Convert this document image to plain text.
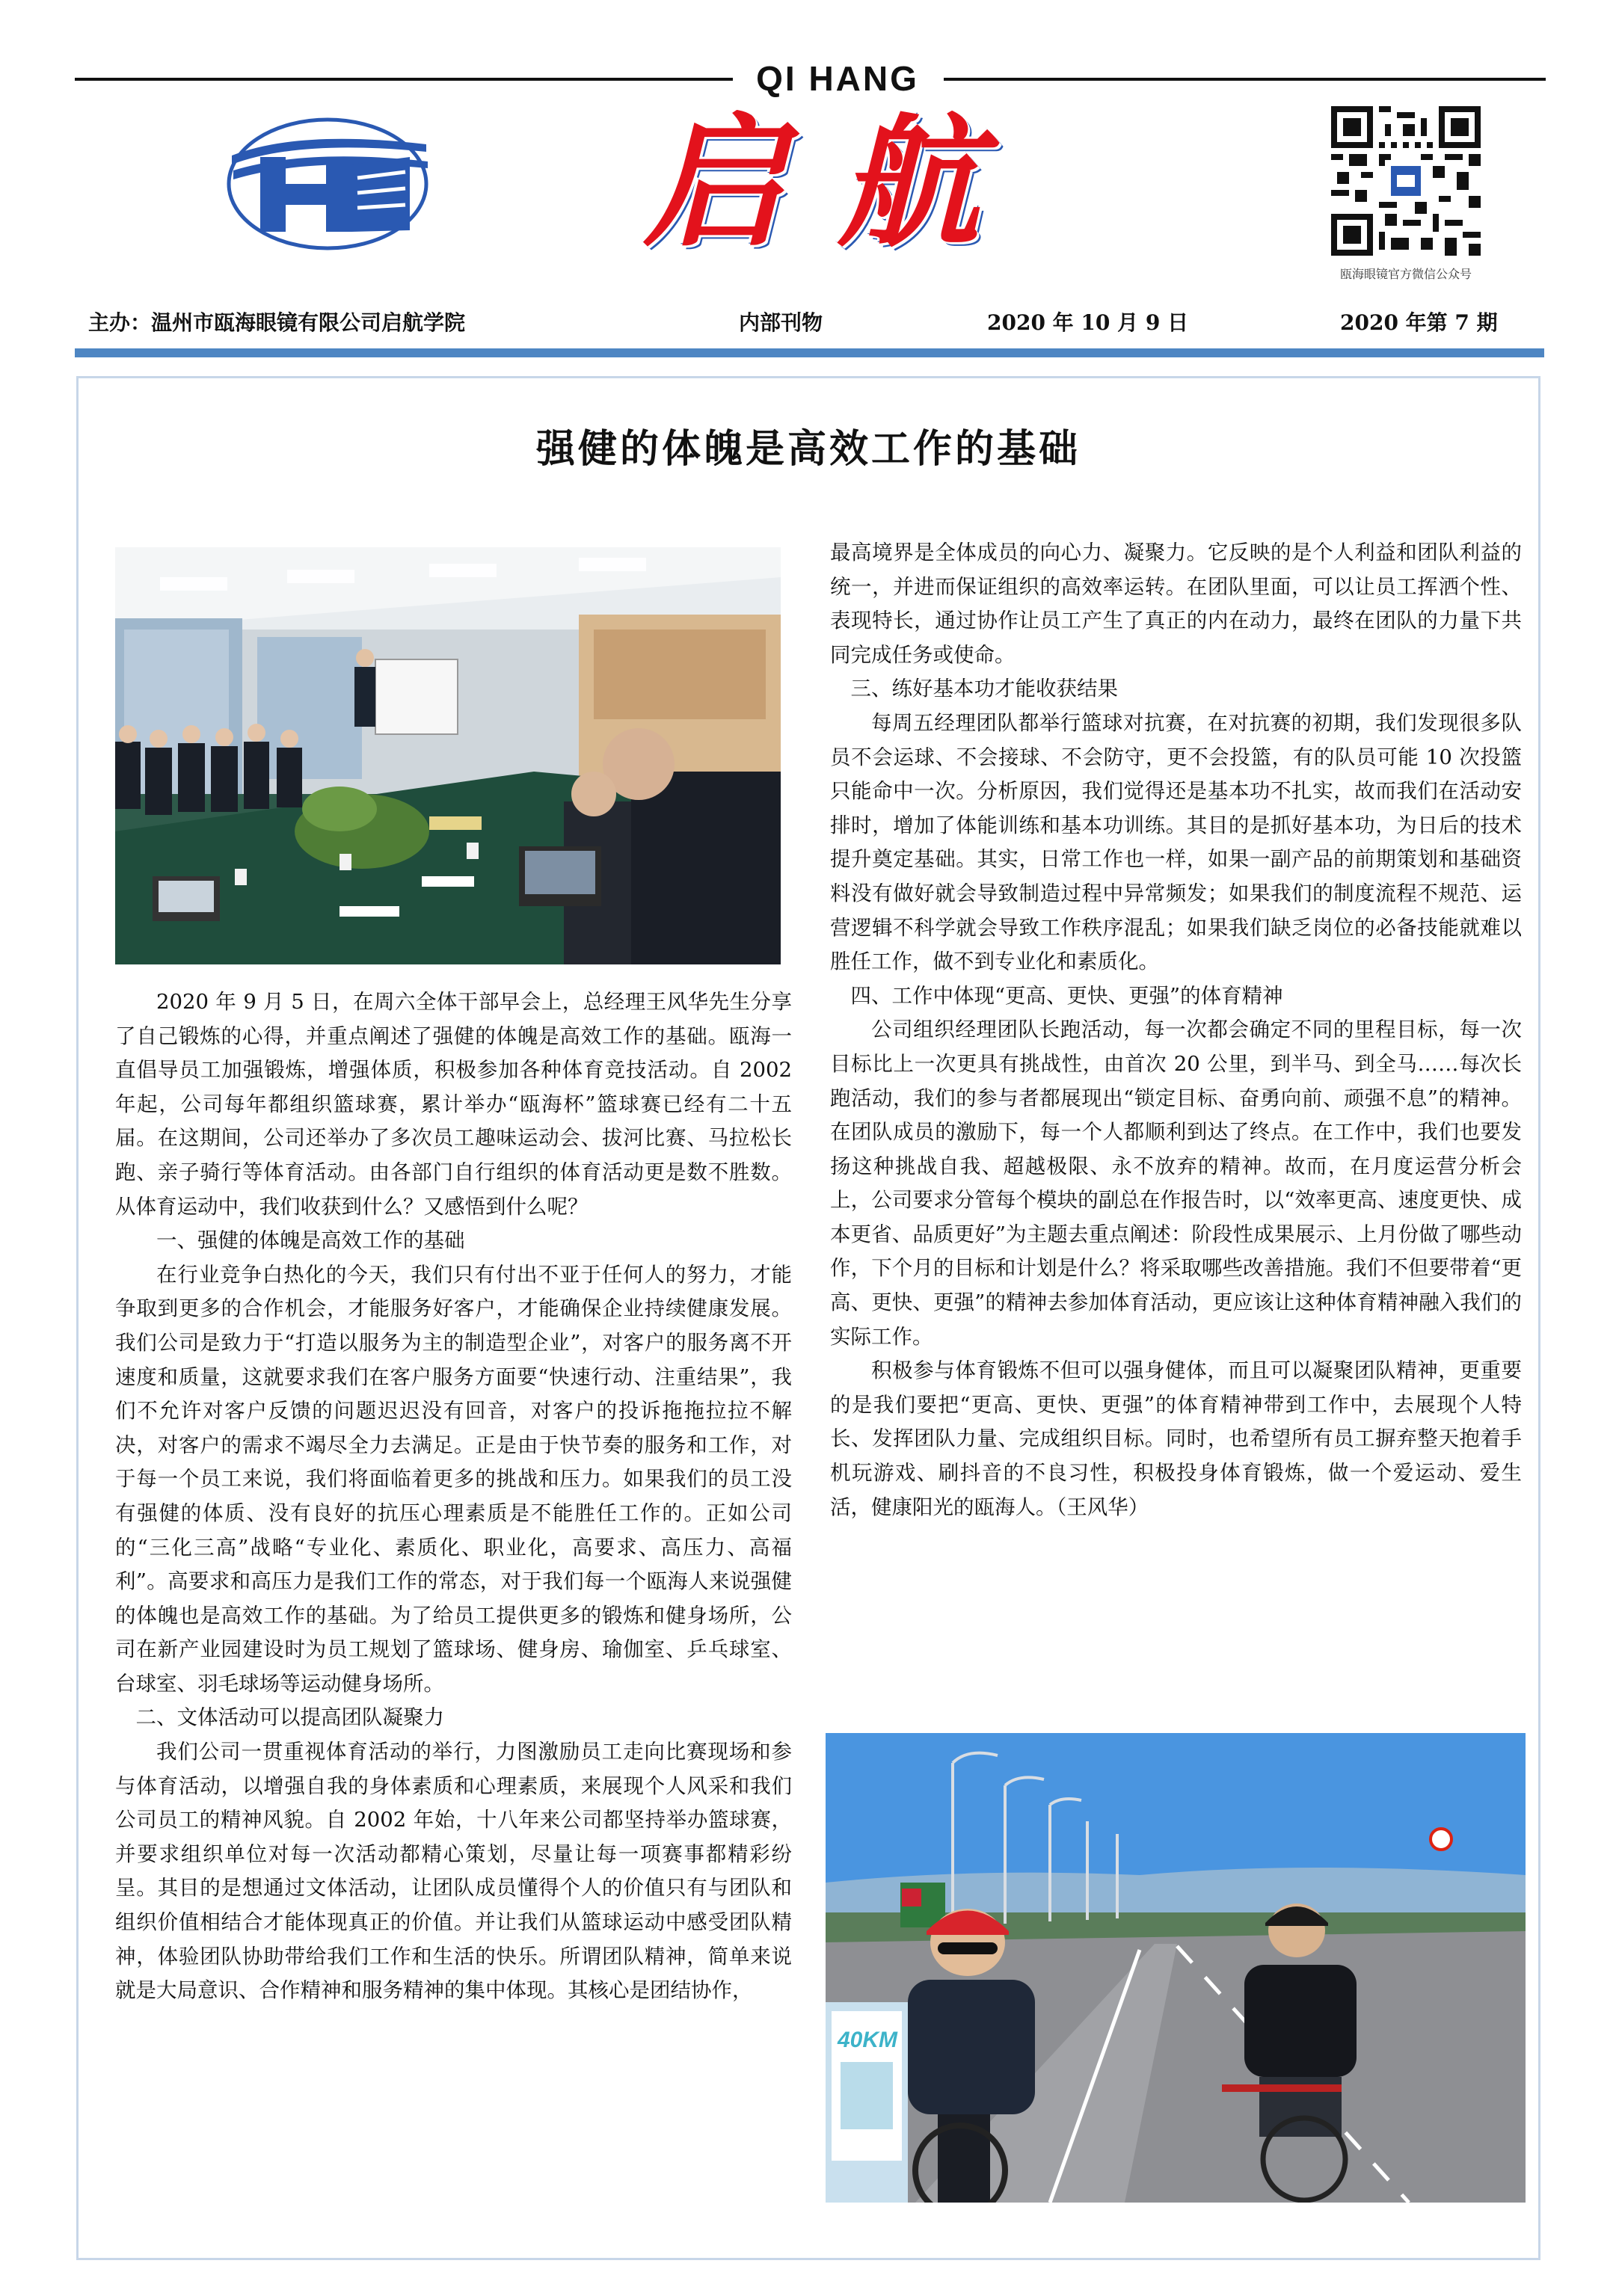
QI HANG
启航
瓯海眼镜官方微信公众号
主办：温州市瓯海眼镜有限公司启航学院	内部刊物	2020 年 10 月 9 日	2020 年第 7 期
强健的体魄是高效工作的基础

2020 年 9 月 5 日，在周六全体干部早会上，总经理王风华先生分享了自己锻炼的心得，并重点阐述了强健的体魄是高效工作的基础。瓯海一直倡导员工加强锻炼，增强体质，积极参加各种体育竞技活动。自 2002 年起，公司每年都组织篮球赛，累计举办“瓯海杯”篮球赛已经有二十五届。在这期间，公司还举办了多次员工趣味运动会、拔河比赛、马拉松长跑、亲子骑行等体育活动。由各部门自行组织的体育活动更是数不胜数。从体育运动中，我们收获到什么？又感悟到什么呢？

一、强健的体魄是高效工作的基础

在行业竞争白热化的今天，我们只有付出不亚于任何人的努力，才能争取到更多的合作机会，才能服务好客户，才能确保企业持续健康发展。我们公司是致力于“打造以服务为主的制造型企业”，对客户的服务离不开速度和质量，这就要求我们在客户服务方面要“快速行动、注重结果”，我们不允许对客户反馈的问题迟迟没有回音，对客户的投诉拖拖拉拉不解决，对客户的需求不竭尽全力去满足。正是由于快节奏的服务和工作，对于每一个员工来说，我们将面临着更多的挑战和压力。如果我们的员工没有强健的体质、没有良好的抗压心理素质是不能胜任工作的。正如公司的“三化三高”战略“专业化、素质化、职业化，高要求、高压力、高福利”。高要求和高压力是我们工作的常态，对于我们每一个瓯海人来说强健的体魄也是高效工作的基础。为了给员工提供更多的锻炼和健身场所，公司在新产业园建设时为员工规划了篮球场、健身房、瑜伽室、乒乓球室、台球室、羽毛球场等运动健身场所。

二、文体活动可以提高团队凝聚力

我们公司一贯重视体育活动的举行，力图激励员工走向比赛现场和参与体育活动，以增强自我的身体素质和心理素质，来展现个人风采和我们公司员工的精神风貌。自 2002 年始，十八年来公司都坚持举办篮球赛，并要求组织单位对每一次活动都精心策划，尽量让每一项赛事都精彩纷呈。其目的是想通过文体活动，让团队成员懂得个人的价值只有与团队和组织价值相结合才能体现真正的价值。并让我们从篮球运动中感受团队精神，体验团队协助带给我们工作和生活的快乐。所谓团队精神，简单来说就是大局意识、合作精神和服务精神的集中体现。其核心是团结协作，

最高境界是全体成员的向心力、凝聚力。它反映的是个人利益和团队利益的统一，并进而保证组织的高效率运转。在团队里面，可以让员工挥洒个性、表现特长，通过协作让员工产生了真正的内在动力，最终在团队的力量下共同完成任务或使命。

三、练好基本功才能收获结果

每周五经理团队都举行篮球对抗赛，在对抗赛的初期，我们发现很多队员不会运球、不会接球、不会防守，更不会投篮，有的队员可能 10 次投篮只能命中一次。分析原因，我们觉得还是基本功不扎实，故而我们在活动安排时，增加了体能训练和基本功训练。其目的是抓好基本功，为日后的技术提升奠定基础。其实，日常工作也一样，如果一副产品的前期策划和基础资料没有做好就会导致制造过程中异常频发；如果我们的制度流程不规范、运营逻辑不科学就会导致工作秩序混乱；如果我们缺乏岗位的必备技能就难以胜任工作，做不到专业化和素质化。

四、工作中体现“更高、更快、更强”的体育精神

公司组织经理团队长跑活动，每一次都会确定不同的里程目标，每一次目标比上一次更具有挑战性，由首次 20 公里，到半马、到全马……每次长跑活动，我们的参与者都展现出“锁定目标、奋勇向前、顽强不息”的精神。在团队成员的激励下，每一个人都顺利到达了终点。在工作中，我们也要发扬这种挑战自我、超越极限、永不放弃的精神。故而，在月度运营分析会上，公司要求分管每个模块的副总在作报告时，以“效率更高、速度更快、成本更省、品质更好”为主题去重点阐述：阶段性成果展示、上月份做了哪些动作，下个月的目标和计划是什么？将采取哪些改善措施。我们不但要带着“更高、更快、更强”的精神去参加体育活动，更应该让这种体育精神融入我们的实际工作。

积极参与体育锻炼不但可以强身健体，而且可以凝聚团队精神，更重要的是我们要把“更高、更快、更强”的体育精神带到工作中，去展现个人特长、发挥团队力量、完成组织目标。同时，也希望所有员工摒弃整天抱着手机玩游戏、刷抖音的不良习性，积极投身体育锻炼，做一个爱运动、爱生活，健康阳光的瓯海人。（王风华）

40KM
